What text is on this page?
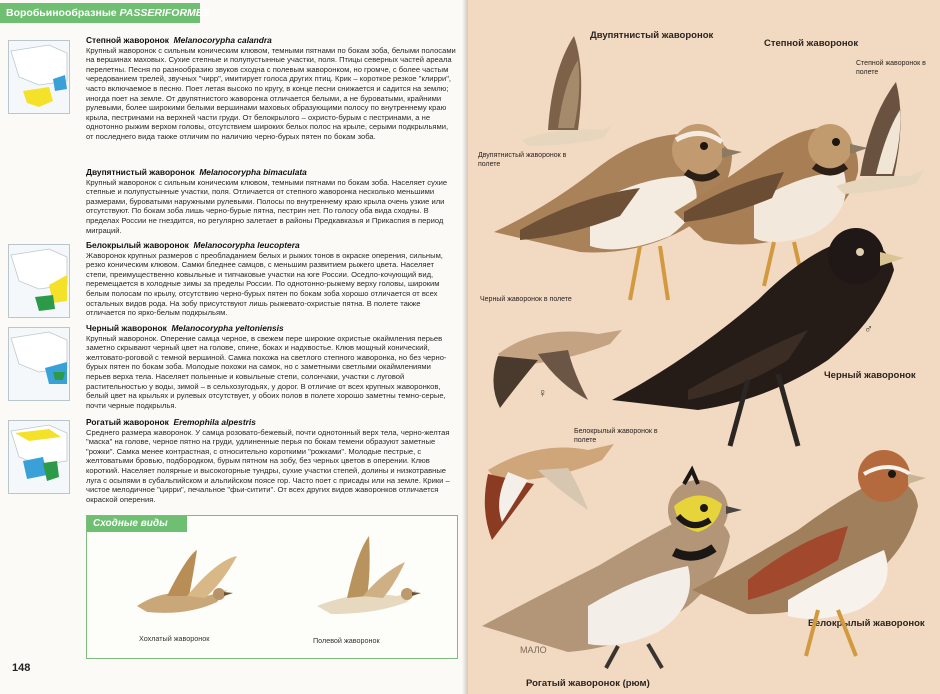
Воробьинообразные PASSERIFORMES
Степной жаворонок Melanocorypha calandra
Крупный жаворонок с сильным коническим клювом, темными пятнами по бокам зоба, белыми полосами на вершинах маховых. Сухие степные и полупустынные участки, поля. Птицы северных частей ареала перелетны. Песня по разнообразию звуков сходна с полевым жаворонком, но громче, с более частым чередованием трелей, звучных "чирр", имитирует голоса других птиц. Крик – короткое резкое "клирри", часто включаемое в песню. Поет летая высоко по кругу, в конце песни снижается и садится на землю; иногда поет на земле. От двупятнистого жаворонка отличается белыми, а не буроватыми, крайними рулевыми, более широкими белыми вершинами маховых образующими полосу по внутреннему краю крыла, пестринами на верхней части груди. От белокрылого – охристо-бурым с пестринами, а не однотонно рыжим верхом головы, отсутствием широких белых полос на крыле, серыми подкрыльями, от последнего вида также отличим по наличию черно-бурых пятен по бокам зоба.
Двупятнистый жаворонок Melanocorypha bimaculata
Крупный жаворонок с сильным коническим клювом, темными пятнами по бокам зоба. Населяет сухие степные и полупустынные участки, поля. Отличается от степного жаворонка несколько меньшими размерами, буроватыми наружными рулевыми. Полосы по внутреннему краю крыла очень узкие или отсутствуют. По бокам зоба лишь черно-бурые пятна, пестрин нет. По голосу оба вида сходны. В пределах России не гнездится, но регулярно залетает в районы Предкавказья и Прикаспия в период миграций.
Белокрылый жаворонок Melanocorypha leucoptera
Жаворонок крупных размеров с преобладанием белых и рыжих тонов в окраске оперения, сильным, резко коническим клювом. Самки бледнее самцов, с меньшим развитием рыжего цвета. Населяет степи, преимущественно ковыльные и типчаковые участки на юге России. Оседло-кочующий вид, перемещается в холодные зимы за пределы России. По однотонно-рыжему верху головы, широким белым полосам по крылу, отсутствию черно-бурых пятен по бокам зоба хорошо отличается от всех остальных видов рода. На зобу присутствуют лишь рыжевато-охристые пятна. В полете также отличается по ярко-белым подкрыльям.
Черный жаворонок Melanocorypha yeltoniensis
Крупный жаворонок. Оперение самца черное, в свежем пере широкие охристые окаймления перьев заметно скрывают черный цвет на голове, спине, боках и надхвостье. Клюв мощный конический, желтовато-роговой с темной вершиной. Самка похожа на светлого степного жаворонка, но без черно-бурых пятен по бокам зоба. Молодые похожи на самок, но с заметными светлыми окаймлениями перьев верха тела. Населяет полынные и ковыльные степи, солончаки, участки с луговой растительностью у воды, зимой – в сельхозугодьях, у дорог. В отличие от всех крупных жаворонков, белый цвет на крыльях и рулевых отсутствует, у обоих полов в полете хорошо заметны темно-серые, почти черные подкрылья.
Рогатый жаворонок Eremophila alpestris
Среднего размера жаворонок. У самца розовато-бежевый, почти однотонный верх тела, черно-желтая "маска" на голове, черное пятно на груди, удлиненные перья по бокам темени образуют заметные "рожки". Самка менее контрастная, с относительно короткими "рожками". Молодые пестрые, с желтоватыми бровью, подбородком, бурым пятном на зобу, без черных цветов в оперении. Клюв короткий. Населяет полярные и высокогорные тундры, сухие участки степей, долины и низкотравные луга с осыпями в субальпийском и альпийском поясе гор. Часто поет с присады или на земле. Крики – чистое мелодичное "цирри", печальное "фьи-ситити". От всех других видов жаворонков отличается окраской оперения.
Сходные виды
Хохлатый жаворонок	Полевой жаворонок
148
Двупятнистый жаворонок
Степной жаворонок
Степной жаворонок в полете
Двупятнистый жаворонок в полете
Черный жаворонок в полете
Черный жаворонок
Белокрылый жаворонок в полете
Белокрылый жаворонок
Рогатый жаворонок (рюм)
МАЛО
♂
♀
